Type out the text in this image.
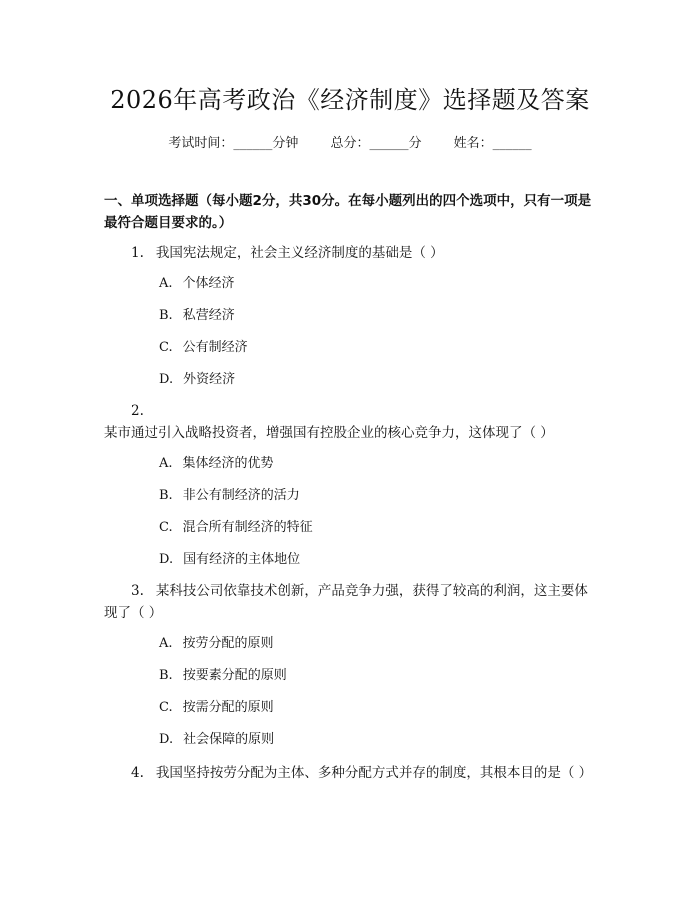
2026年高考政治《经济制度》选择题及答案
考试时间：______分钟 总分：______分 姓名：______
一、单项选择题（每小题2分，共30分。在每小题列出的四个选项中，只有一项是最符合题目要求的。）
1. 我国宪法规定，社会主义经济制度的基础是（ ）
A. 个体经济
B. 私营经济
C. 公有制经济
D. 外资经济
2.某市通过引入战略投资者，增强国有控股企业的核心竞争力，这体现了（ ）
A. 集体经济的优势
B. 非公有制经济的活力
C. 混合所有制经济的特征
D. 国有经济的主体地位
3. 某科技公司依靠技术创新，产品竞争力强，获得了较高的利润，这主要体现了（ ）
A. 按劳分配的原则
B. 按要素分配的原则
C. 按需分配的原则
D. 社会保障的原则
4. 我国坚持按劳分配为主体、多种分配方式并存的制度，其根本目的是（ ）
